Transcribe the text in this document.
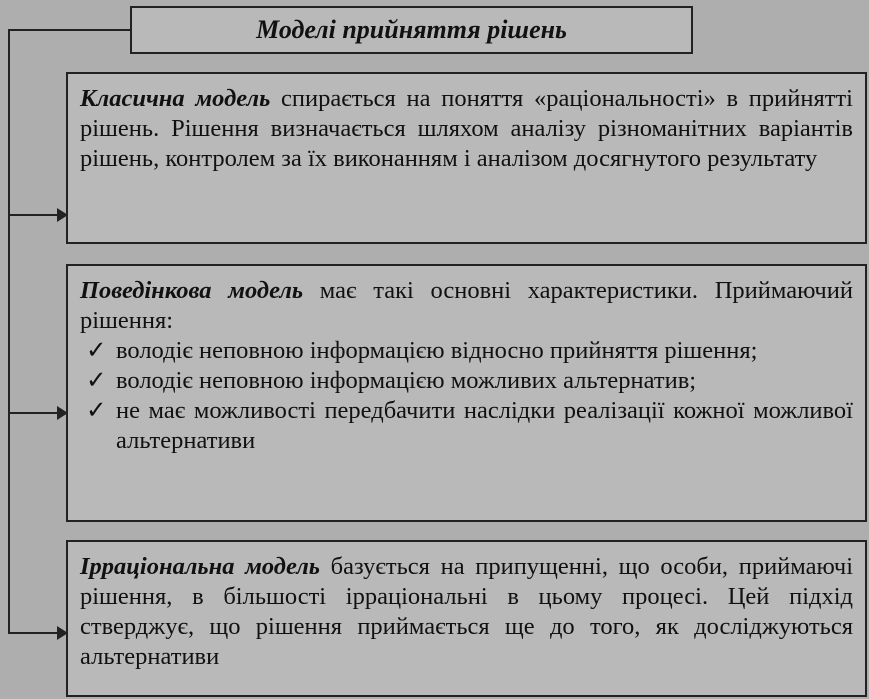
Моделі прийняття рішень
Класична модель спирається на поняття «раціональності» в прийнятті рішень. Рішення визначається шляхом аналізу різноманітних варіантів рішень, контролем за їх виконанням і аналізом досягнутого результату
Поведінкова модель має такі основні характеристики. Приймаючий рішення:
✓ володіє неповною інформацією відносно прийняття рішення;
✓ володіє неповною інформацією можливих альтернатив;
✓ не має можливості передбачити наслідки реалізації кожної можливої альтернативи
Ірраціональна модель базується на припущенні, що особи, приймаючі рішення, в більшості ірраціональні в цьому процесі. Цей підхід стверджує, що рішення приймається ще до того, як досліджуються альтернативи
